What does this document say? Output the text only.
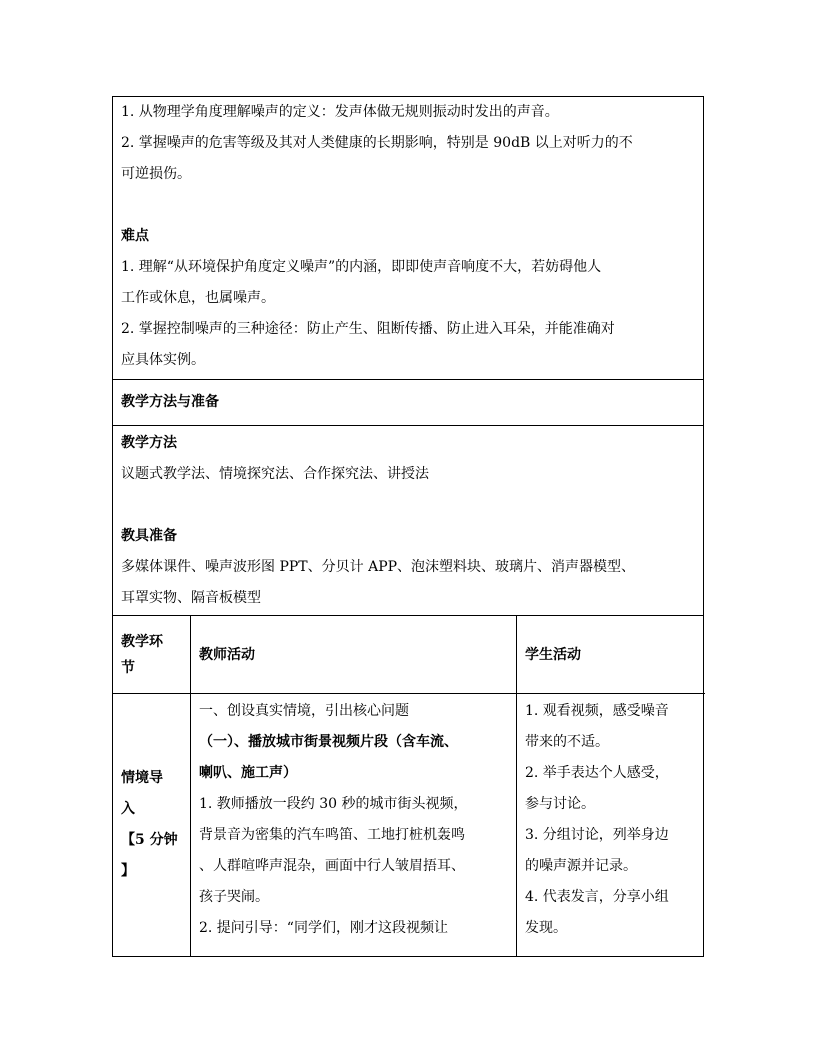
1. 从物理学角度理解噪声的定义：发声体做无规则振动时发出的声音。

2. 掌握噪声的危害等级及其对人类健康的长期影响，特别是 90dB 以上对听力的不

可逆损伤。

难点

1. 理解“从环境保护角度定义噪声”的内涵，即即使声音响度不大，若妨碍他人

工作或休息，也属噪声。

2. 掌握控制噪声的三种途径：防止产生、阻断传播、防止进入耳朵，并能准确对

应具体实例。

教学方法与准备

教学方法

议题式教学法、情境探究法、合作探究法、讲授法

教具准备

多媒体课件、噪声波形图 PPT、分贝计 APP、泡沫塑料块、玻璃片、消声器模型、

耳罩实物、隔音板模型

教学环

节

教师活动	学生活动

情境导

入

【5 分钟

】

一、创设真实情境，引出核心问题

（一）、播放城市街景视频片段（含车流、

喇叭、施工声）

1. 教师播放一段约 30 秒的城市街头视频，

背景音为密集的汽车鸣笛、工地打桩机轰鸣

、人群喧哗声混杂，画面中行人皱眉捂耳、

孩子哭闹。

2. 提问引导：“同学们，刚才这段视频让

1. 观看视频，感受噪音

带来的不适。

2. 举手表达个人感受，

参与讨论。

3. 分组讨论，列举身边

的噪声源并记录。

4. 代表发言，分享小组

发现。
